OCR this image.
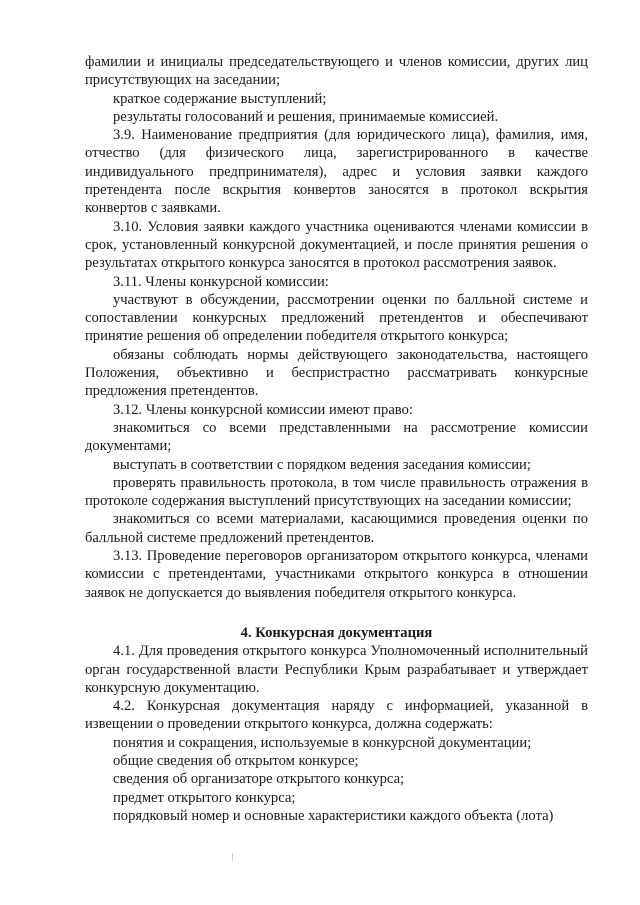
фамилии и инициалы председательствующего и членов комиссии, других лиц присутствующих на заседании;

краткое содержание выступлений;

результаты голосований и решения, принимаемые комиссией.

3.9. Наименование предприятия (для юридического лица), фамилия, имя, отчество (для физического лица, зарегистрированного в качестве индивидуального предпринимателя), адрес и условия заявки каждого претендента после вскрытия конвертов заносятся в протокол вскрытия конвертов с заявками.

3.10. Условия заявки каждого участника оцениваются членами комиссии в срок, установленный конкурсной документацией, и после принятия решения о результатах открытого конкурса заносятся в протокол рассмотрения заявок.

3.11. Члены конкурсной комиссии:

участвуют в обсуждении, рассмотрении оценки по балльной системе и сопоставлении конкурсных предложений претендентов и обеспечивают принятие решения об определении победителя открытого конкурса;

обязаны соблюдать нормы действующего законодательства, настоящего Положения, объективно и беспристрастно рассматривать конкурсные предложения претендентов.

3.12. Члены конкурсной комиссии имеют право:

знакомиться со всеми представленными на рассмотрение комиссии документами;

выступать в соответствии с порядком ведения заседания комиссии;

проверять правильность протокола, в том числе правильность отражения в протоколе содержания выступлений присутствующих на заседании комиссии;

знакомиться со всеми материалами, касающимися проведения оценки по балльной системе предложений претендентов.

3.13. Проведение переговоров организатором открытого конкурса, членами комиссии с претендентами, участниками открытого конкурса в отношении заявок не допускается до выявления победителя открытого конкурса.

4. Конкурсная документация

4.1. Для проведения открытого конкурса Уполномоченный исполнительный орган государственной власти Республики Крым разрабатывает и утверждает конкурсную документацию.

4.2. Конкурсная документация наряду с информацией, указанной в извещении о проведении открытого конкурса, должна содержать:

понятия и сокращения, используемые в конкурсной документации;

общие сведения об открытом конкурсе;

сведения об организаторе открытого конкурса;

предмет открытого конкурса;

порядковый номер и основные характеристики каждого объекта (лота)
